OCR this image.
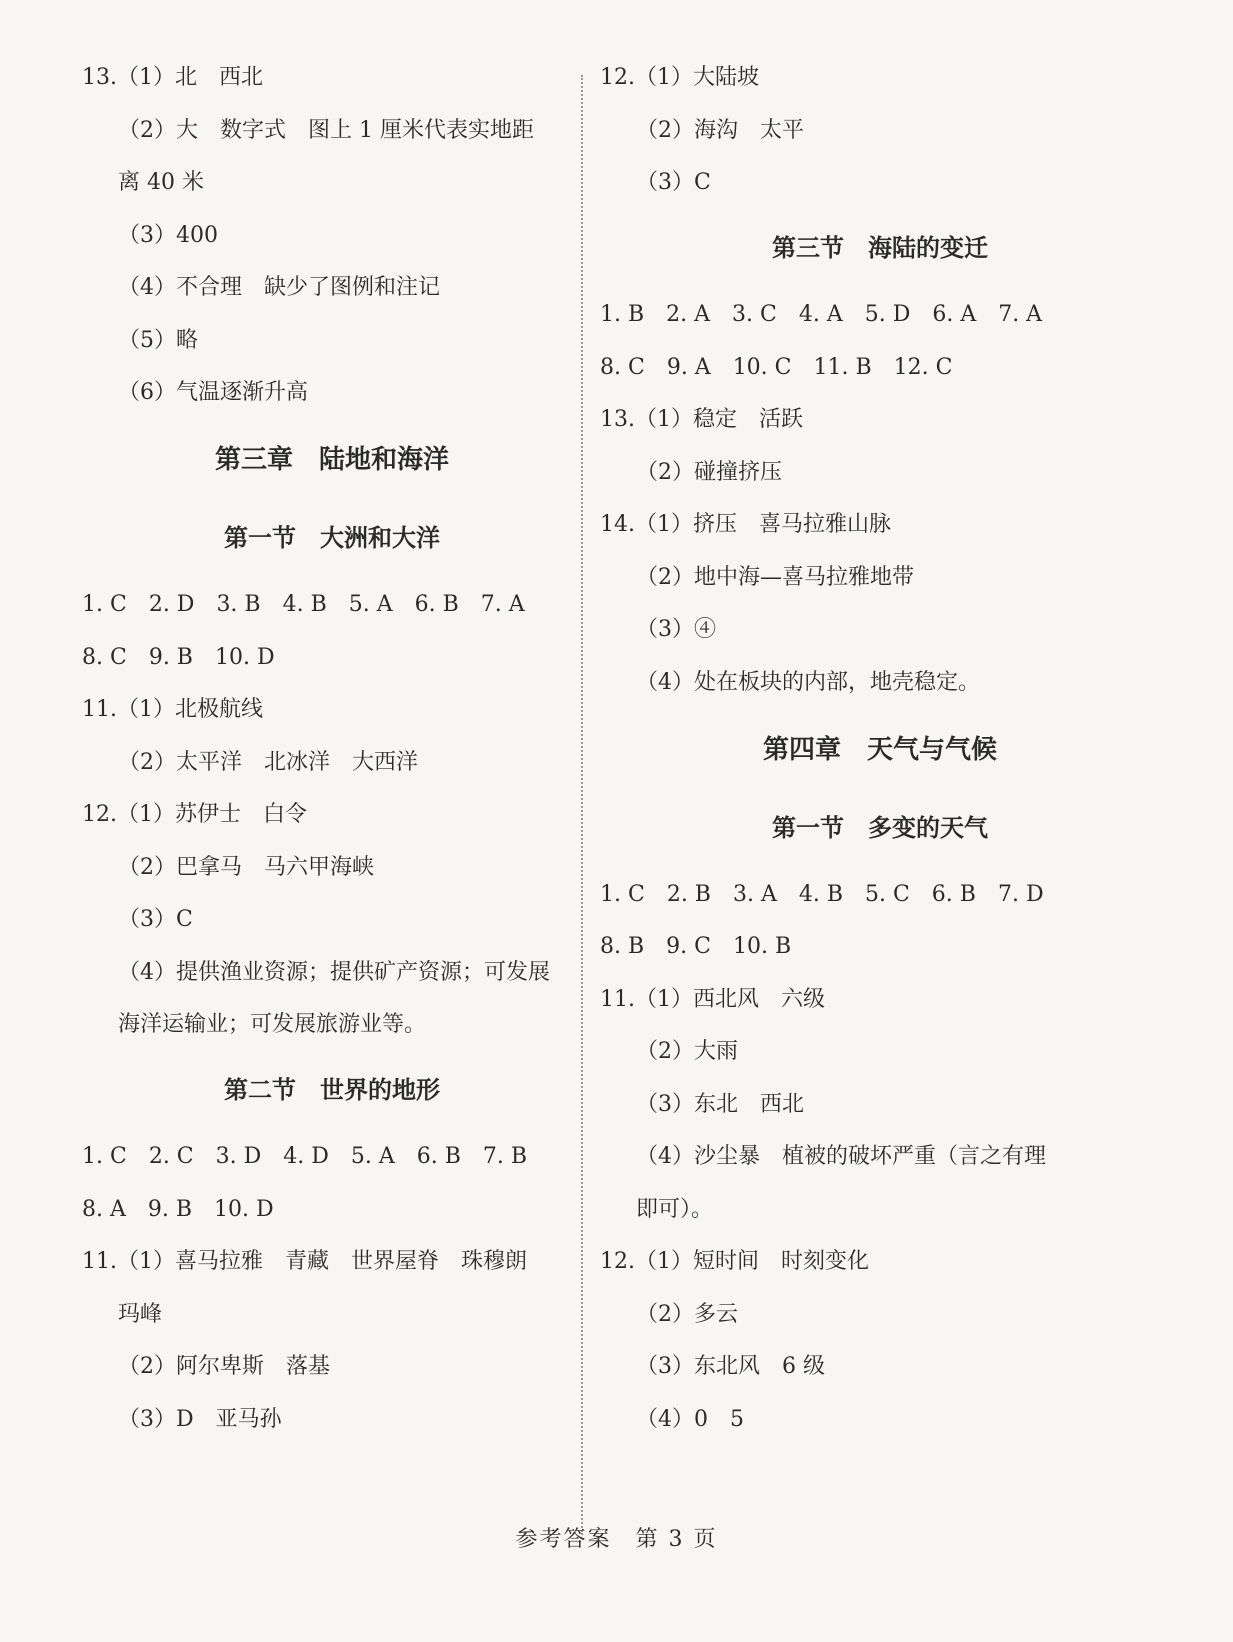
13.（1）北　西北
（2）大　数字式　图上 1 厘米代表实地距
离 40 米
（3）400
（4）不合理　缺少了图例和注记
（5）略
（6）气温逐渐升高
第三章　陆地和海洋
第一节　大洲和大洋
1. C　2. D　3. B　4. B　5. A　6. B　7. A
8. C　9. B　10. D
11.（1）北极航线
（2）太平洋　北冰洋　大西洋
12.（1）苏伊士　白令
（2）巴拿马　马六甲海峡
（3）C
（4）提供渔业资源；提供矿产资源；可发展
海洋运输业；可发展旅游业等。
第二节　世界的地形
1. C　2. C　3. D　4. D　5. A　6. B　7. B
8. A　9. B　10. D
11.（1）喜马拉雅　青藏　世界屋脊　珠穆朗
玛峰
（2）阿尔卑斯　落基
（3）D　亚马孙
12.（1）大陆坡
（2）海沟　太平
（3）C
第三节　海陆的变迁
1. B　2. A　3. C　4. A　5. D　6. A　7. A
8. C　9. A　10. C　11. B　12. C
13.（1）稳定　活跃
（2）碰撞挤压
14.（1）挤压　喜马拉雅山脉
（2）地中海—喜马拉雅地带
（3）④
（4）处在板块的内部，地壳稳定。
第四章　天气与气候
第一节　多变的天气
1. C　2. B　3. A　4. B　5. C　6. B　7. D
8. B　9. C　10. B
11.（1）西北风　六级
（2）大雨
（3）东北　西北
（4）沙尘暴　植被的破坏严重（言之有理
即可）。
12.（1）短时间　时刻变化
（2）多云
（3）东北风　6 级
（4）0　5
参考答案　第 3 页
